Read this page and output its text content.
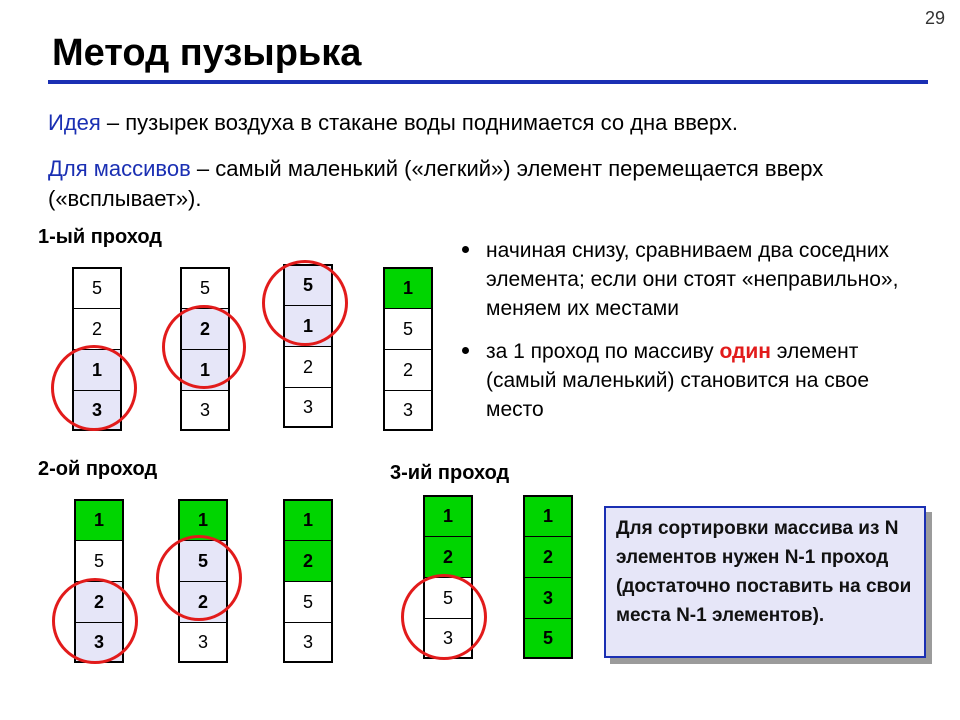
29
Метод пузырька
Идея – пузырек воздуха в стакане воды поднимается со дна вверх.
Для массивов – самый маленький («легкий») элемент перемещается вверх («всплывает»).
1-ый проход
5
2
1
3
5
2
1
3
5
1
2
3
1
5
2
3
начиная снизу, сравниваем два соседних элемента; если они стоят «неправильно», меняем их местами
за 1 проход по массиву один элемент (самый маленький) становится на свое место
2-ой проход
1
5
2
3
1
5
2
3
1
2
5
3
3-ий проход
1
2
5
3
1
2
3
5
Для сортировки массива из N элементов нужен N-1 проход (достаточно поставить на свои места N-1 элементов).
